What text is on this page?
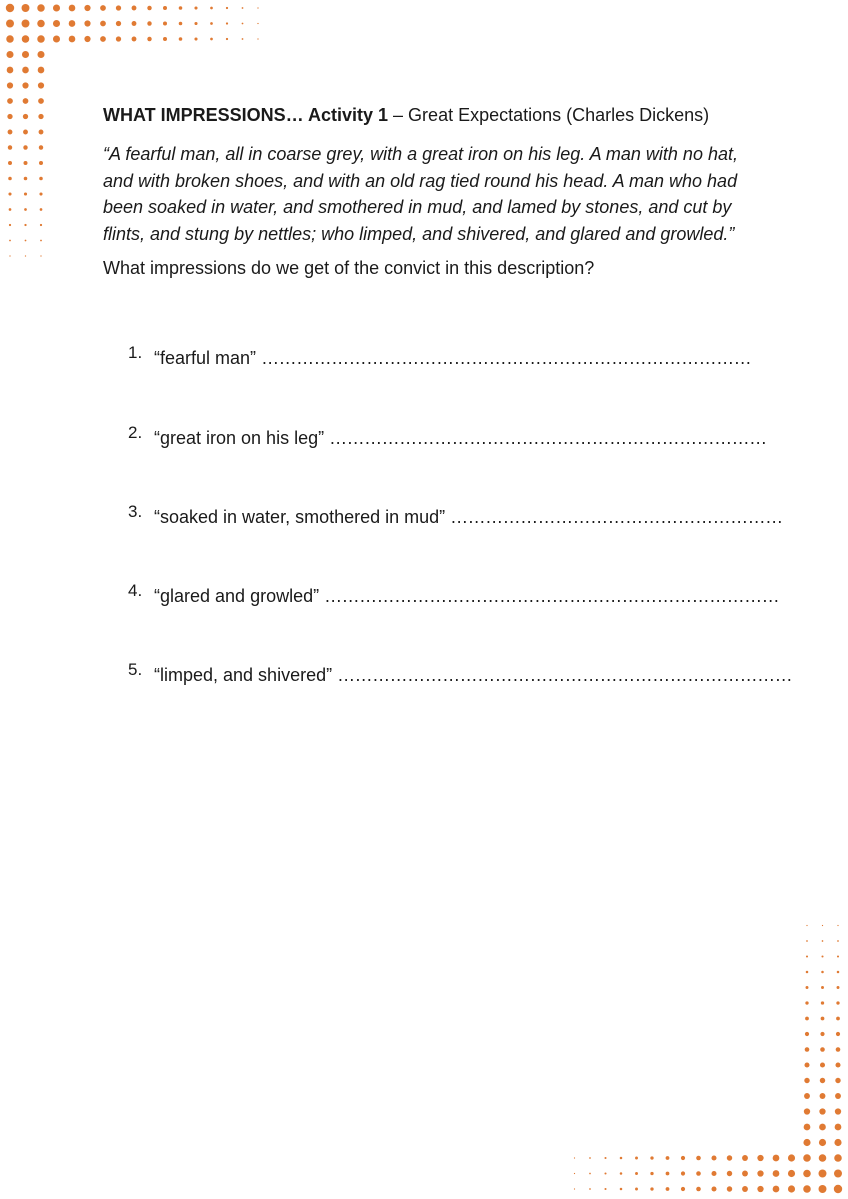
WHAT IMPRESSIONS… Activity 1 – Great Expectations (Charles Dickens)
“A fearful man, all in coarse grey, with a great iron on his leg. A man with no hat,
and with broken shoes, and with an old rag tied round his head. A man who had
been soaked in water, and smothered in mud, and lamed by stones, and cut by
flints, and stung by nettles; who limped, and shivered, and glared and growled.”
What impressions do we get of the convict in this description?
1. “fearful man” …………………………………………………………………………
2. “great iron on his leg” …………………………………………………………………
3. “soaked in water, smothered in mud” …………………………………………………
4. “glared and growled” ……………………………………………………………………
5. “limped, and shivered” ……………………………………………………………………
